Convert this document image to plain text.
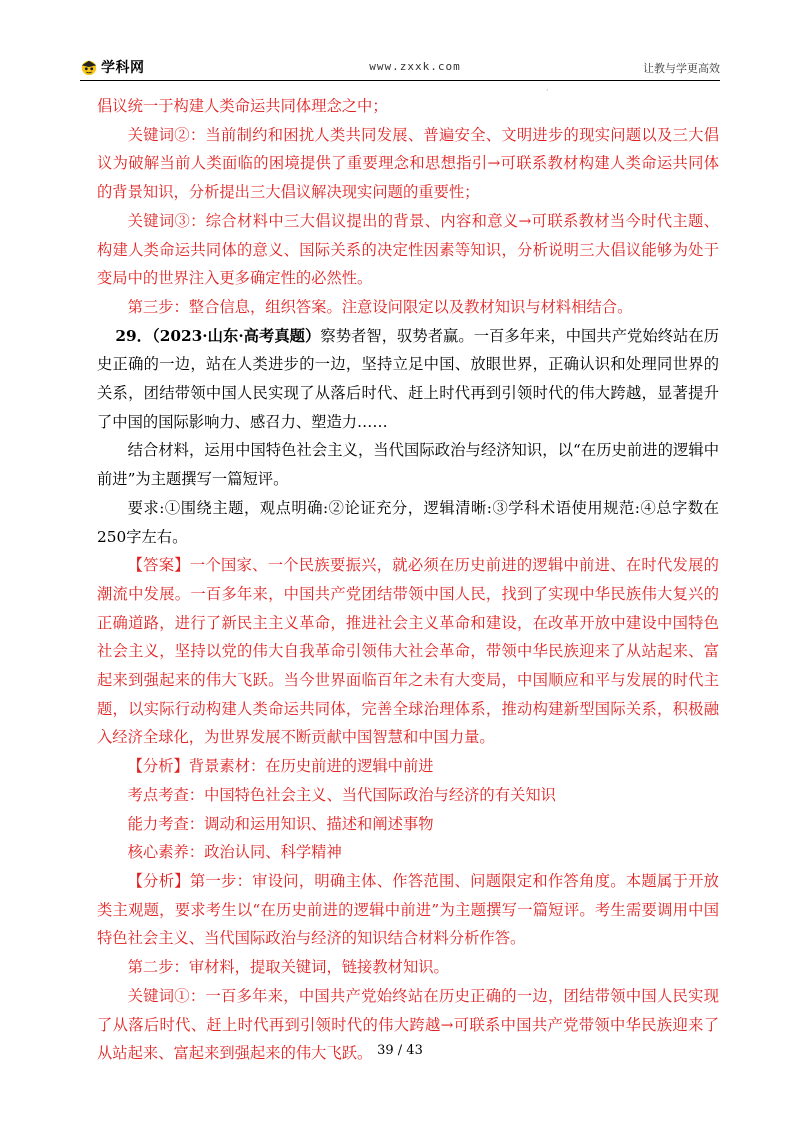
学科网	www.zxxk.com	让教与学更高效
·

倡议统一于构建人类命运共同体理念之中；

关键词②：当前制约和困扰人类共同发展、普遍安全、文明进步的现实问题以及三大倡议为破解当前人类面临的困境提供了重要理念和思想指引→可联系教材构建人类命运共同体的背景知识，分析提出三大倡议解决现实问题的重要性；

关键词③：综合材料中三大倡议提出的背景、内容和意义→可联系教材当今时代主题、构建人类命运共同体的意义、国际关系的决定性因素等知识，分析说明三大倡议能够为处于变局中的世界注入更多确定性的必然性。

第三步：整合信息，组织答案。注意设问限定以及教材知识与材料相结合。

29．（2023·山东·高考真题）察势者智，驭势者赢。一百多年来，中国共产党始终站在历史正确的一边，站在人类进步的一边，坚持立足中国、放眼世界，正确认识和处理同世界的关系，团结带领中国人民实现了从落后时代、赶上时代再到引领时代的伟大跨越，显著提升了中国的国际影响力、感召力、塑造力……

结合材料，运用中国特色社会主义，当代国际政治与经济知识，以“在历史前进的逻辑中前进”为主题撰写一篇短评。

要求:①围绕主题，观点明确:②论证充分，逻辑清晰:③学科术语使用规范:④总字数在250字左右。

【答案】一个国家、一个民族要振兴，就必须在历史前进的逻辑中前进、在时代发展的潮流中发展。一百多年来，中国共产党团结带领中国人民，找到了实现中华民族伟大复兴的正确道路，进行了新民主主义革命，推进社会主义革命和建设，在改革开放中建设中国特色社会主义，坚持以党的伟大自我革命引领伟大社会革命，带领中华民族迎来了从站起来、富起来到强起来的伟大飞跃。当今世界面临百年之未有大变局，中国顺应和平与发展的时代主题，以实际行动构建人类命运共同体，完善全球治理体系，推动构建新型国际关系，积极融入经济全球化，为世界发展不断贡献中国智慧和中国力量。

【分析】背景素材：在历史前进的逻辑中前进

考点考查：中国特色社会主义、当代国际政治与经济的有关知识

能力考查：调动和运用知识、描述和阐述事物

核心素养：政治认同、科学精神

【分析】第一步：审设问，明确主体、作答范围、问题限定和作答角度。本题属于开放类主观题，要求考生以“在历史前进的逻辑中前进”为主题撰写一篇短评。考生需要调用中国特色社会主义、当代国际政治与经济的知识结合材料分析作答。

第二步：审材料，提取关键词，链接教材知识。

关键词①：一百多年来，中国共产党始终站在历史正确的一边，团结带领中国人民实现了从落后时代、赶上时代再到引领时代的伟大跨越→可联系中国共产党带领中华民族迎来了从站起来、富起来到强起来的伟大飞跃。 39 / 43
